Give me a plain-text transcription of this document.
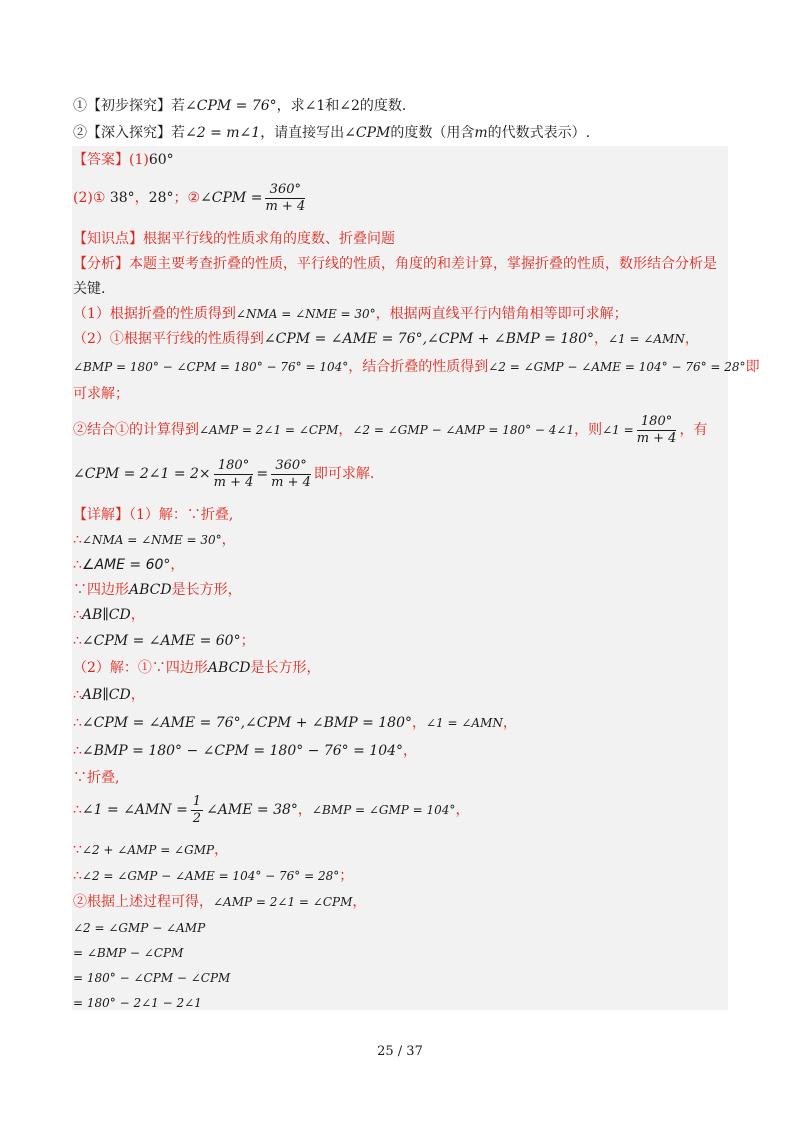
①【初步探究】若∠CPM = 76°，求∠1和∠2的度数.
②【深入探究】若∠2 = m∠1，请直接写出∠CPM的度数（用含m的代数式表示）.
【答案】(1)60°
(2)① 38°，28°；②∠CPM = $\frac{360^\circ}{m + 4}$
【知识点】根据平行线的性质求角的度数、折叠问题
【分析】本题主要考查折叠的性质，平行线的性质，角度的和差计算，掌握折叠的性质，数形结合分析是
关键.
（1）根据折叠的性质得到∠NMA = ∠NME = 30°，根据两直线平行内错角相等即可求解；
（2）①根据平行线的性质得到∠CPM = ∠AME = 76°,∠CPM + ∠BMP = 180°，∠1 = ∠AMN，
∠BMP = 180° − ∠CPM = 180° − 76° = 104°，结合折叠的性质得到∠2 = ∠GMP − ∠AME = 104° − 76° = 28°即
可求解；
②结合①的计算得到∠AMP = 2∠1 = ∠CPM，∠2 = ∠GMP − ∠AMP = 180° − 4∠1，则∠1 = $\frac{180^\circ}{m + 4}$ ，有
∠CPM = 2∠1 = $2\times \frac{180^\circ}{m + 4} = \frac{360^\circ}{m + 4}$ 即可求解.
【详解】（1）解：∵折叠,
∴∠NMA = ∠NME = 30°，
∴∠AME = 60°，
∵四边形ABCD是长方形，
∴AB∥CD，
∴∠CPM = ∠AME = 60°；
（2）解：①∵四边形ABCD是长方形，
∴AB∥CD，
∴∠CPM = ∠AME = 76°,∠CPM + ∠BMP = 180°，∠1 = ∠AMN，
∴∠BMP = 180° − ∠CPM = 180° − 76° = 104°，
∵折叠,
∴∠1 = ∠AMN = $\frac{1}{2}$ ∠AME = 38°，∠BMP = ∠GMP = 104°，
∵∠2 + ∠AMP = ∠GMP，
∴∠2 = ∠GMP − ∠AME = 104° − 76° = 28°；
②根据上述过程可得，∠AMP = 2∠1 = ∠CPM，
∠2 = ∠GMP − ∠AMP
= ∠BMP − ∠CPM
= 180° − ∠CPM − ∠CPM
= 180° − 2∠1 − 2∠1
25 / 37
